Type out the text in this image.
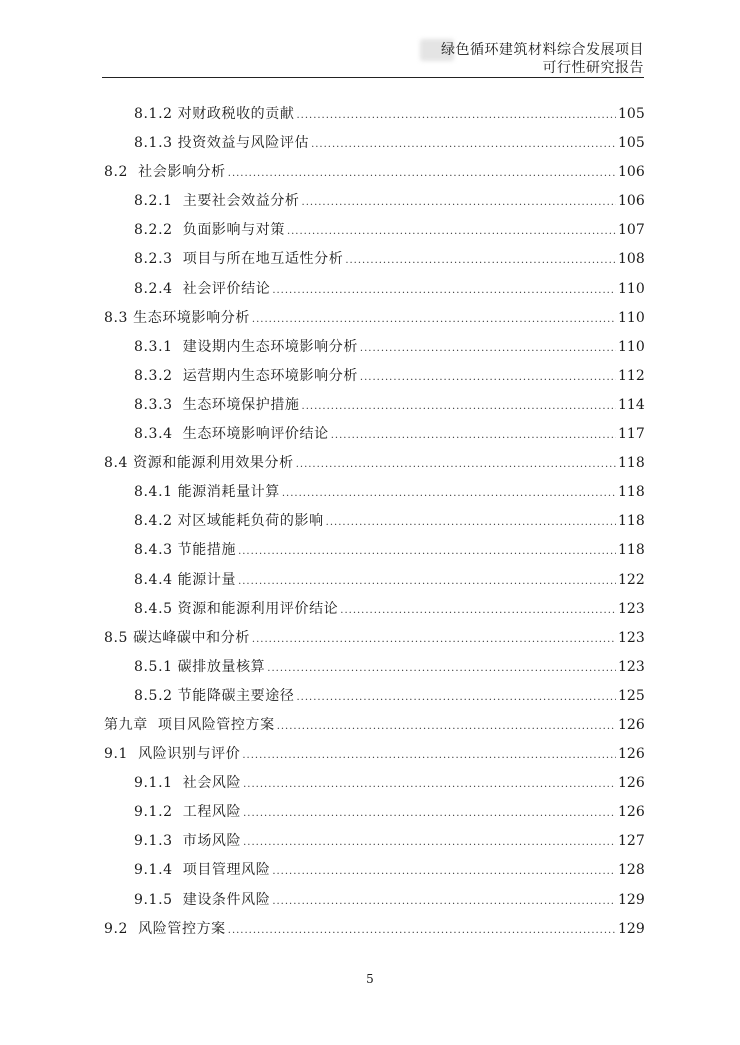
绿色循环建筑材料综合发展项目
可行性研究报告
8.1.2 对财政税收的贡献 .....	105
8.1.3 投资效益与风险评估 .....	105
8.2  社会影响分析 .....	106
8.2.1  主要社会效益分析 .....	106
8.2.2  负面影响与对策 .....	107
8.2.3  项目与所在地互适性分析 .....	108
8.2.4  社会评价结论 .....	110
8.3 生态环境影响分析 .....	110
8.3.1  建设期内生态环境影响分析 .....	110
8.3.2  运营期内生态环境影响分析 .....	112
8.3.3  生态环境保护措施 .....	114
8.3.4  生态环境影响评价结论 .....	117
8.4 资源和能源利用效果分析 .....	118
8.4.1 能源消耗量计算 .....	118
8.4.2 对区域能耗负荷的影响 .....	118
8.4.3 节能措施 .....	118
8.4.4 能源计量 .....	122
8.4.5 资源和能源利用评价结论 .....	123
8.5 碳达峰碳中和分析 .....	123
8.5.1 碳排放量核算 .....	123
8.5.2 节能降碳主要途径 .....	125
第九章  项目风险管控方案 .....	126
9.1  风险识别与评价 .....	126
9.1.1  社会风险 .....	126
9.1.2  工程风险 .....	126
9.1.3  市场风险 .....	127
9.1.4  项目管理风险 .....	128
9.1.5  建设条件风险 .....	129
9.2  风险管控方案 .....	129
5
